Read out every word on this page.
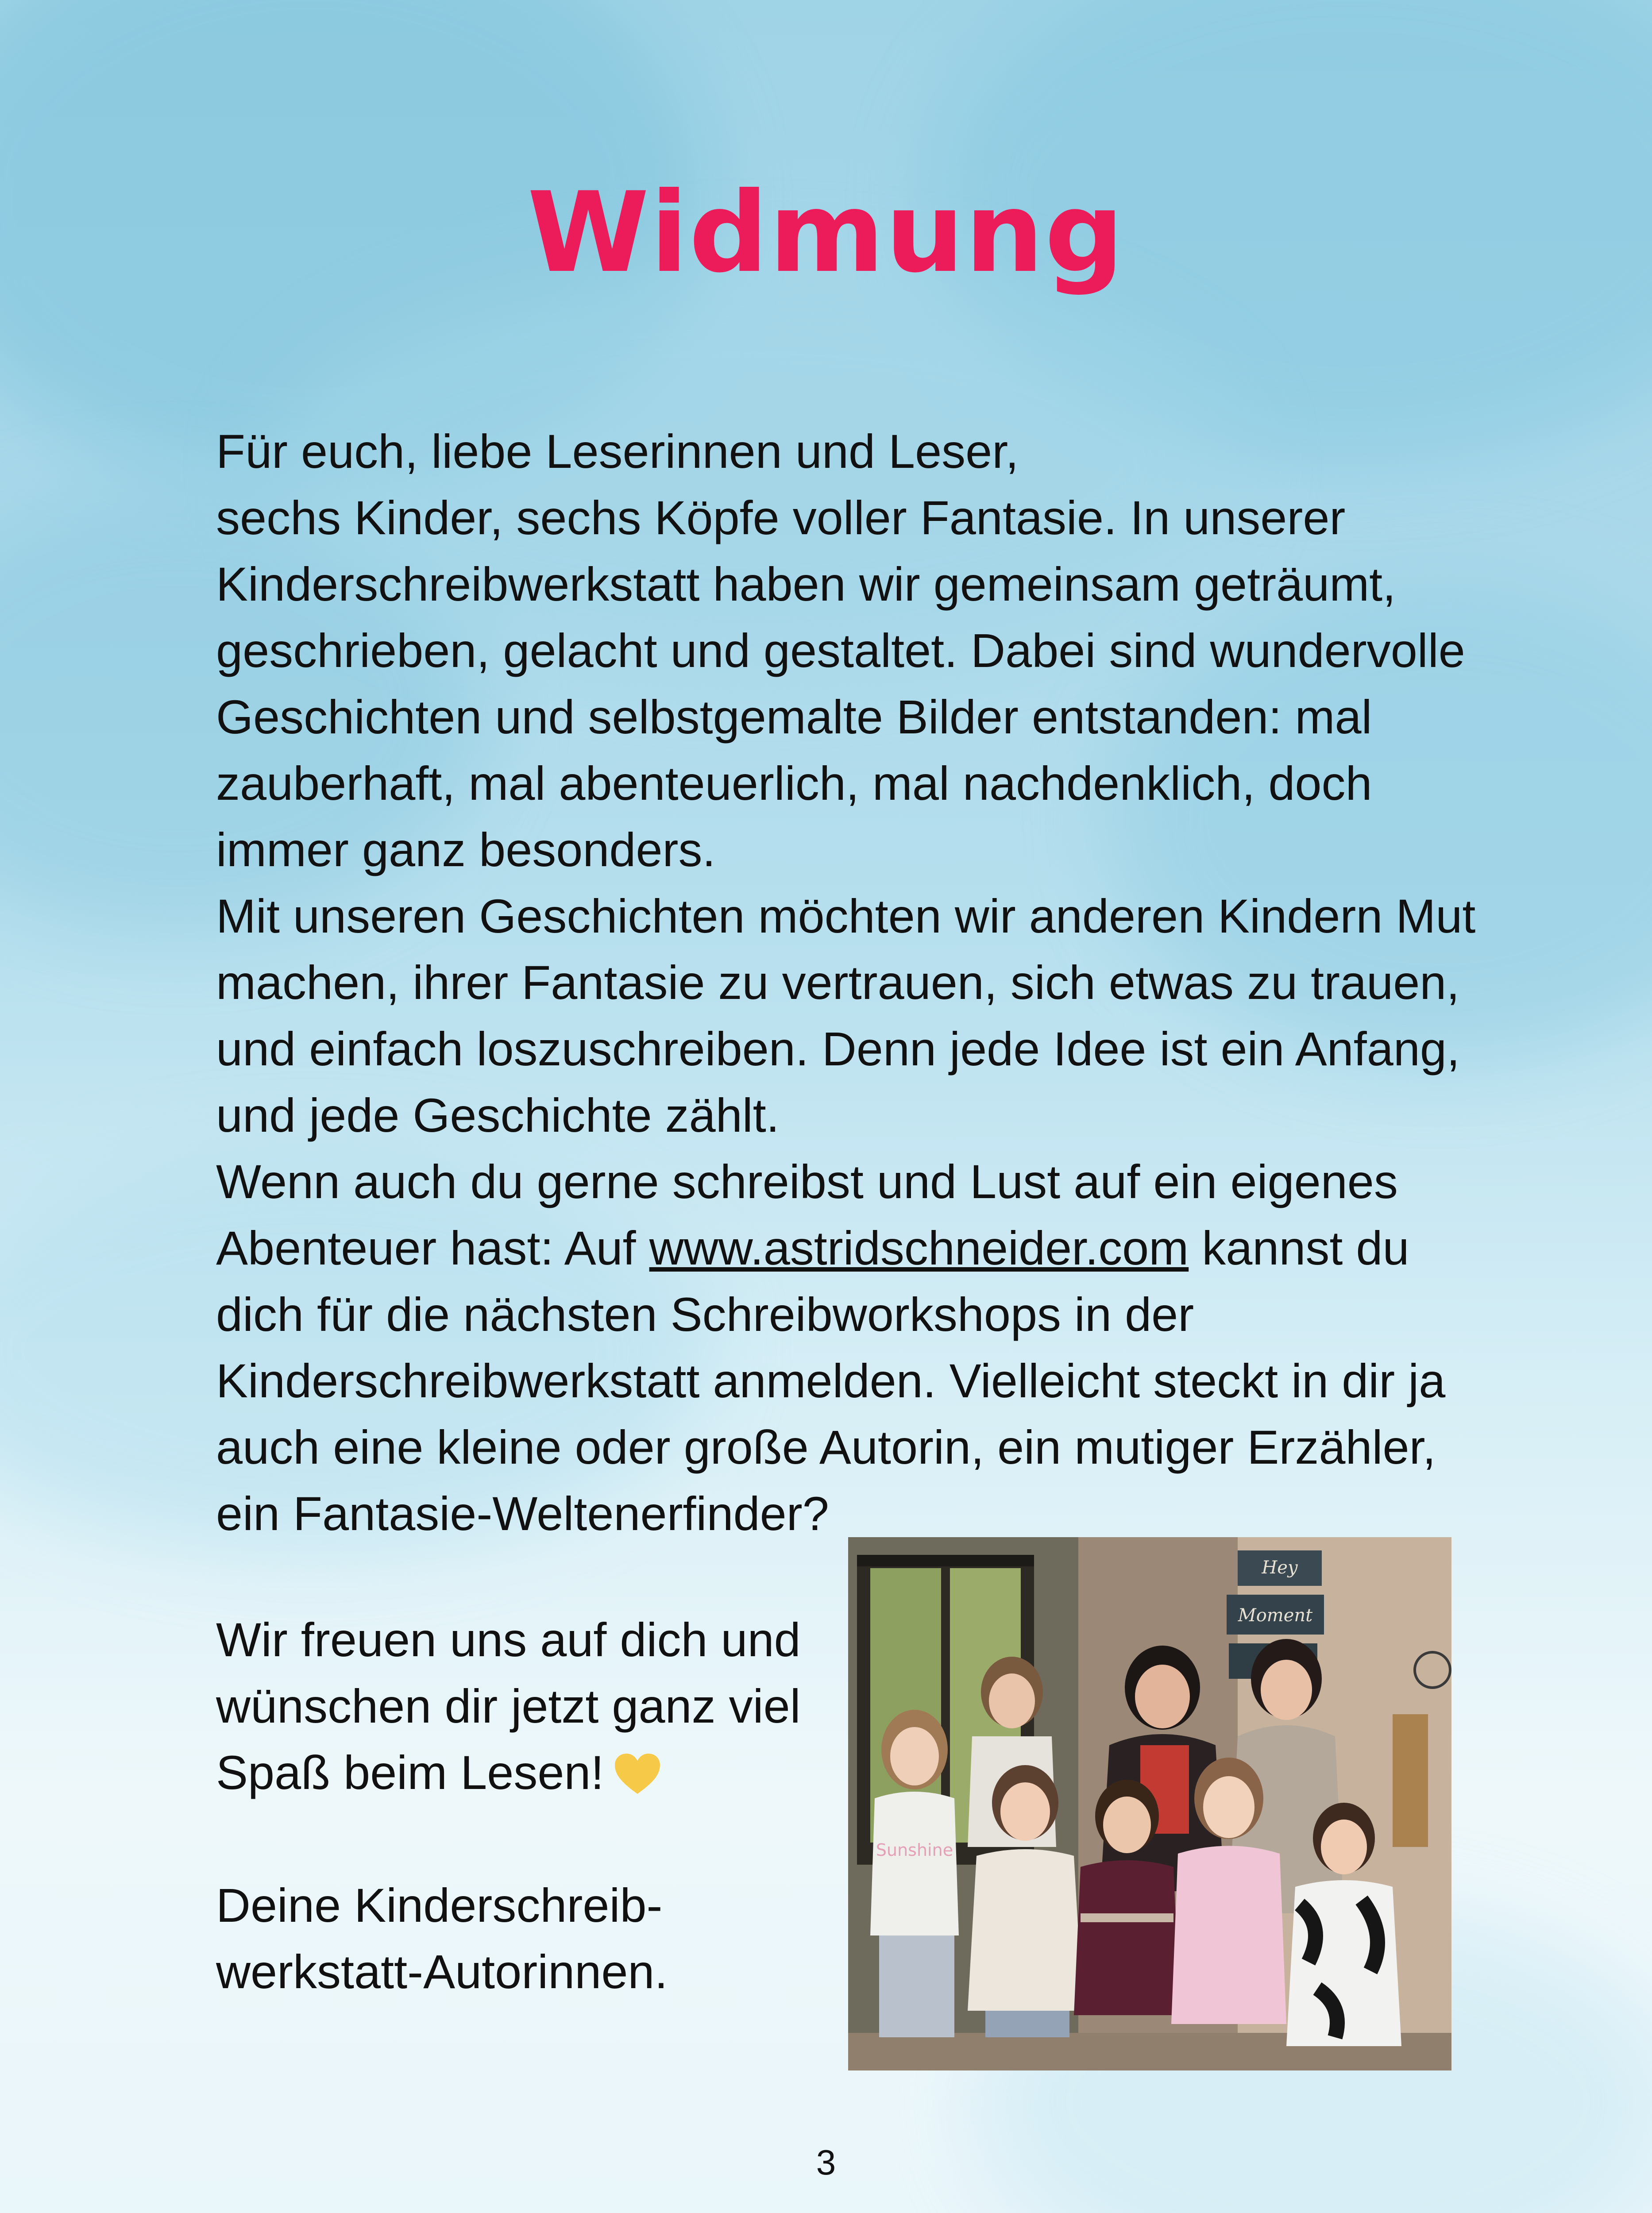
Widmung
Für euch, liebe Leserinnen und Leser,
sechs Kinder, sechs Köpfe voller Fantasie. In unserer
Kinderschreibwerkstatt haben wir gemeinsam geträumt,
geschrieben, gelacht und gestaltet. Dabei sind wundervolle
Geschichten und selbstgemalte Bilder entstanden: mal
zauberhaft, mal abenteuerlich, mal nachdenklich, doch
immer ganz besonders.
Mit unseren Geschichten möchten wir anderen Kindern Mut
machen, ihrer Fantasie zu vertrauen, sich etwas zu trauen,
und einfach loszuschreiben. Denn jede Idee ist ein Anfang,
und jede Geschichte zählt.
Wenn auch du gerne schreibst und Lust auf ein eigenes
Abenteuer hast: Auf www.astridschneider.com kannst du
dich für die nächsten Schreibworkshops in der
Kinderschreibwerkstatt anmelden. Vielleicht steckt in dir ja
auch eine kleine oder große Autorin, ein mutiger Erzähler,
ein Fantasie-Weltenerfinder?
Wir freuen uns auf dich und
wünschen dir jetzt ganz viel
Spaß beim Lesen!
Deine Kinderschreib-
werkstatt-Autorinnen.
Hey
Moment
Sunshine
3
